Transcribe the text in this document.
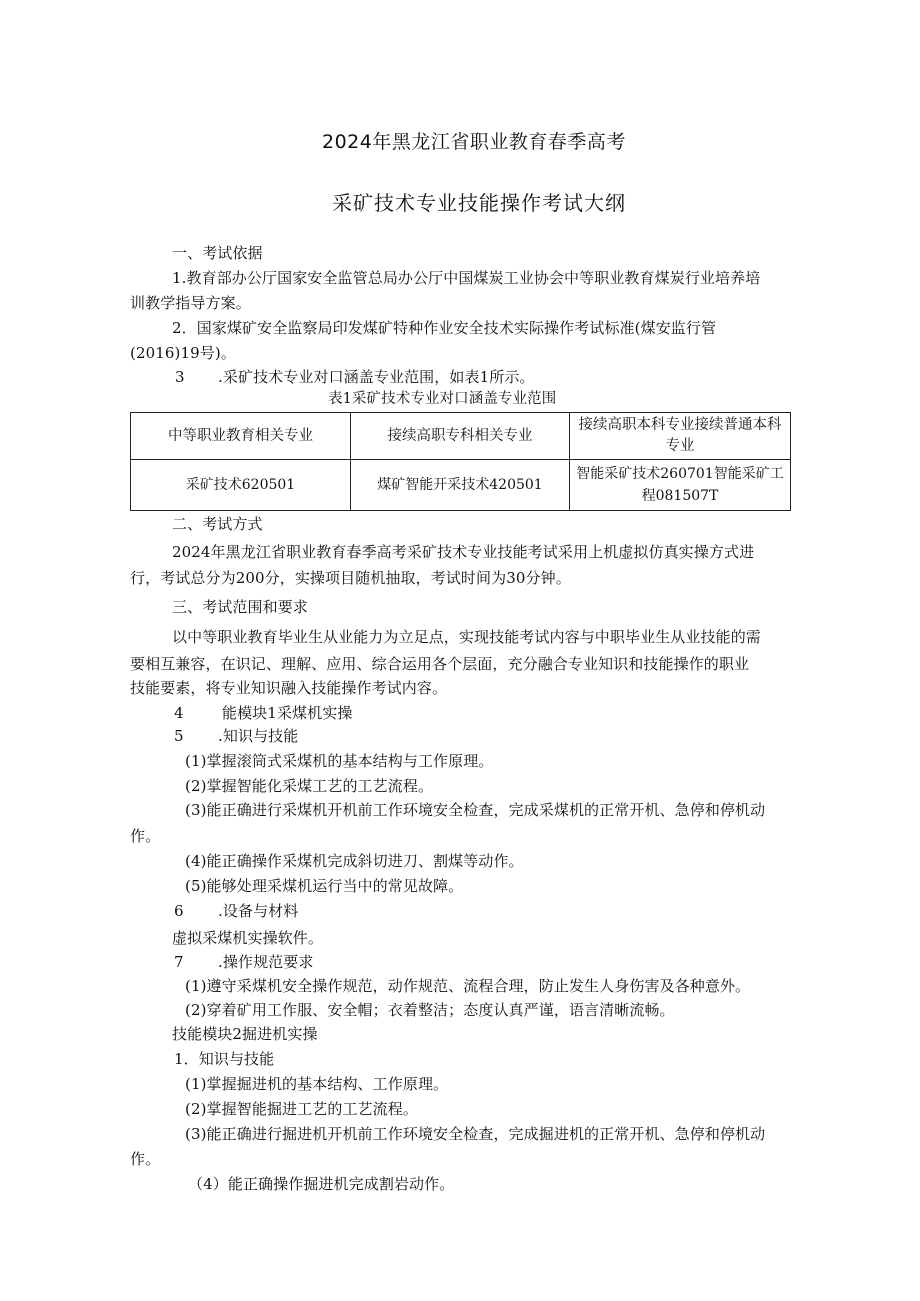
2024年黑龙江省职业教育春季高考
采矿技术专业技能操作考试大纲
一、考试依据
1.教育部办公厅国家安全监管总局办公厅中国煤炭工业协会中等职业教育煤炭行业培养培
训教学指导方案。
2．国家煤矿安全监察局印发煤矿特种作业安全技术实际操作考试标准(煤安监行管
(2016)19号)。
3 .采矿技术专业对口涵盖专业范围，如表1所示。
表1采矿技术专业对口涵盖专业范围
中等职业教育相关专业	接续高职专科相关专业	接续高职本科专业接续普通本科专业
采矿技术620501	煤矿智能开采技术420501	智能采矿技术260701智能采矿工程081507T
二、考试方式
2024年黑龙江省职业教育春季高考采矿技术专业技能考试采用上机虚拟仿真实操方式进
行，考试总分为200分，实操项目随机抽取，考试时间为30分钟。
三、考试范围和要求
以中等职业教育毕业生从业能力为立足点，实现技能考试内容与中职毕业生从业技能的需
要相互兼容，在识记、理解、应用、综合运用各个层面，充分融合专业知识和技能操作的职业
技能要素，将专业知识融入技能操作考试内容。
4	能模块1采煤机实操
5 .知识与技能
(1)掌握滚筒式采煤机的基本结构与工作原理。
(2)掌握智能化采煤工艺的工艺流程。
(3)能正确进行采煤机开机前工作环境安全检查，完成采煤机的正常开机、急停和停机动
作。
(4)能正确操作采煤机完成斜切进刀、割煤等动作。
(5)能够处理采煤机运行当中的常见故障。
6 .设备与材料
虚拟采煤机实操软件。
7 .操作规范要求
(1)遵守采煤机安全操作规范，动作规范、流程合理，防止发生人身伤害及各种意外。
(2)穿着矿用工作服、安全帽；衣着整洁；态度认真严谨，语言清晰流畅。
技能模块2掘进机实操
1．知识与技能
(1)掌握掘进机的基本结构、工作原理。
(2)掌握智能掘进工艺的工艺流程。
(3)能正确进行掘进机开机前工作环境安全检查，完成掘进机的正常开机、急停和停机动
作。
（4）能正确操作掘进机完成割岩动作。
